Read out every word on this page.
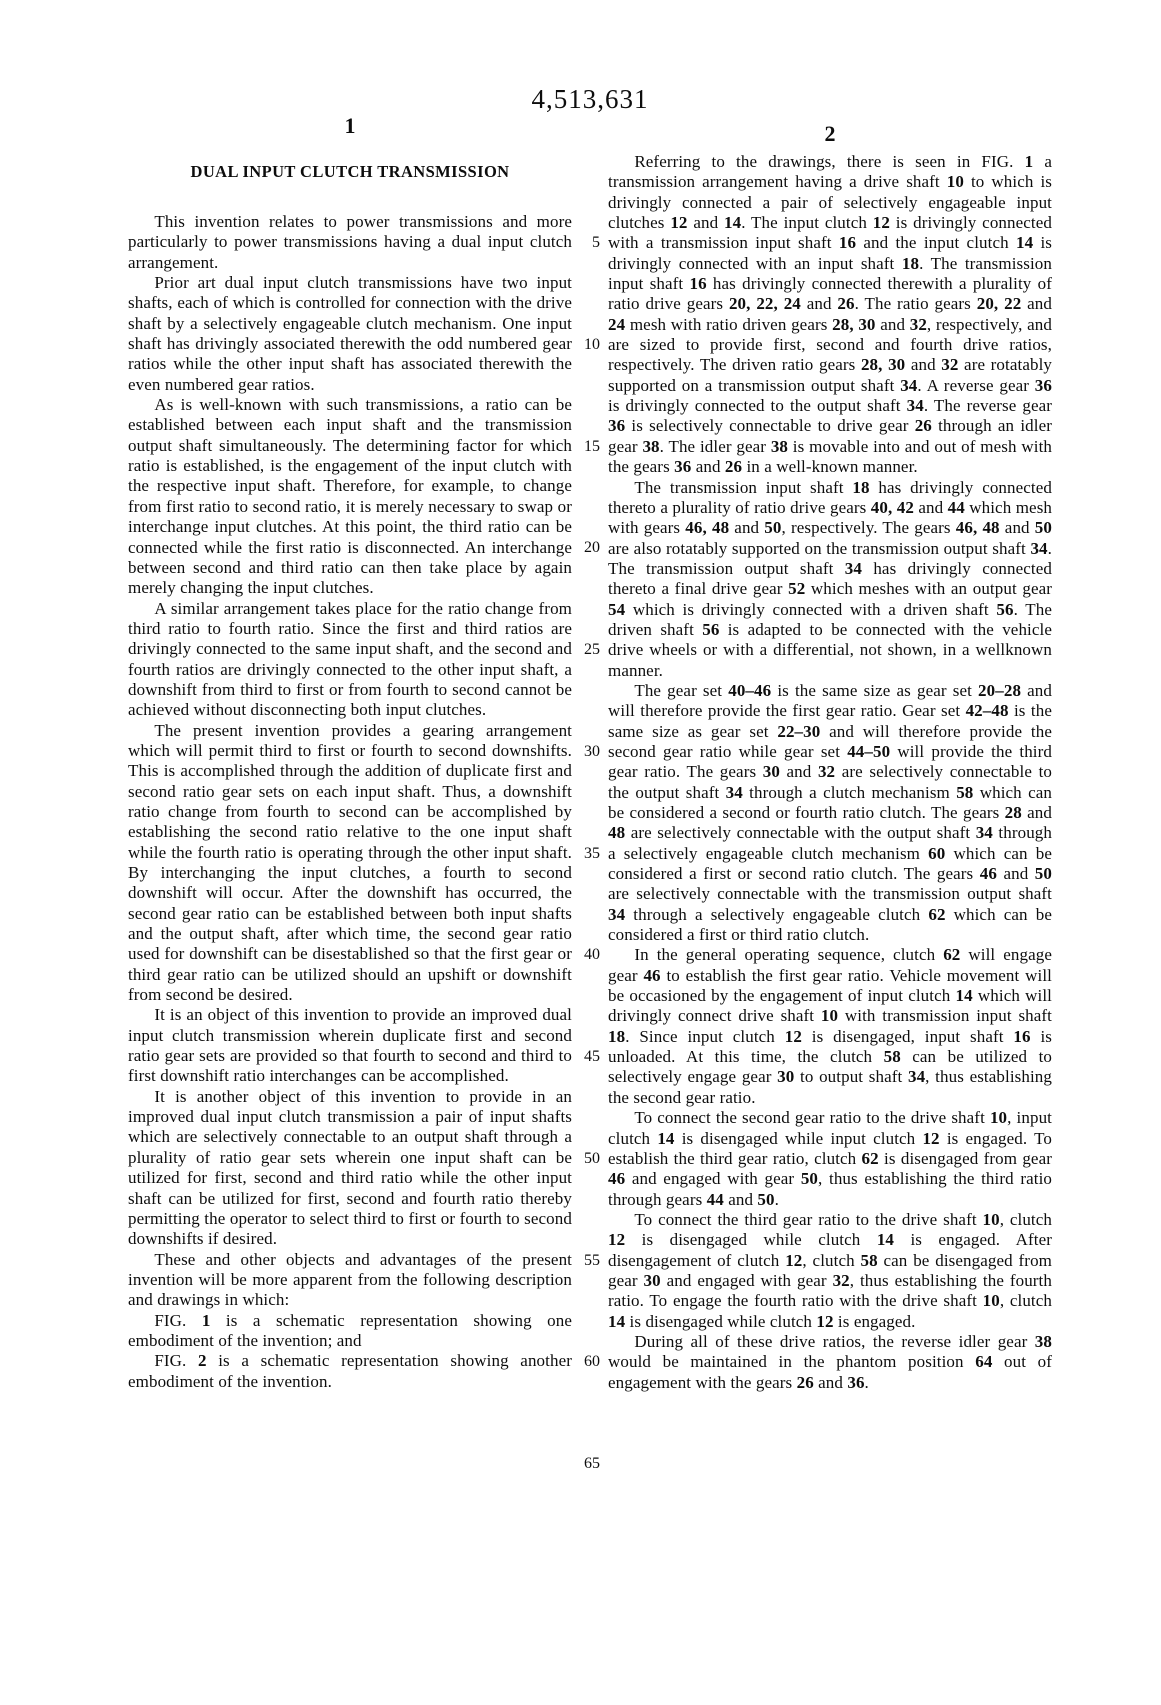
4,513,631
1	2
DUAL INPUT CLUTCH TRANSMISSION

This invention relates to power transmissions and more particularly to power transmissions having a dual input clutch arrangement.

Prior art dual input clutch transmissions have two input shafts, each of which is controlled for connection with the drive shaft by a selectively engageable clutch mechanism. One input shaft has drivingly associated therewith the odd numbered gear ratios while the other input shaft has associated therewith the even numbered gear ratios.

As is well-known with such transmissions, a ratio can be established between each input shaft and the transmission output shaft simultaneously. The determining factor for which ratio is established, is the engagement of the input clutch with the respective input shaft. Therefore, for example, to change from first ratio to second ratio, it is merely necessary to swap or interchange input clutches. At this point, the third ratio can be connected while the first ratio is disconnected. An interchange between second and third ratio can then take place by again merely changing the input clutches.

A similar arrangement takes place for the ratio change from third ratio to fourth ratio. Since the first and third ratios are drivingly connected to the same input shaft, and the second and fourth ratios are drivingly connected to the other input shaft, a downshift from third to first or from fourth to second cannot be achieved without disconnecting both input clutches.

The present invention provides a gearing arrangement which will permit third to first or fourth to second downshifts. This is accomplished through the addition of duplicate first and second ratio gear sets on each input shaft. Thus, a downshift ratio change from fourth to second can be accomplished by establishing the second ratio relative to the one input shaft while the fourth ratio is operating through the other input shaft. By interchanging the input clutches, a fourth to second downshift will occur. After the downshift has occurred, the second gear ratio can be established between both input shafts and the output shaft, after which time, the second gear ratio used for downshift can be disestablished so that the first gear or third gear ratio can be utilized should an upshift or downshift from second be desired.

It is an object of this invention to provide an improved dual input clutch transmission wherein duplicate first and second ratio gear sets are provided so that fourth to second and third to first downshift ratio interchanges can be accomplished.

It is another object of this invention to provide in an improved dual input clutch transmission a pair of input shafts which are selectively connectable to an output shaft through a plurality of ratio gear sets wherein one input shaft can be utilized for first, second and third ratio while the other input shaft can be utilized for first, second and fourth ratio thereby permitting the operator to select third to first or fourth to second downshifts if desired.

These and other objects and advantages of the present invention will be more apparent from the following description and drawings in which:

FIG. 1 is a schematic representation showing one embodiment of the invention; and

FIG. 2 is a schematic representation showing another embodiment of the invention.

Referring to the drawings, there is seen in FIG. 1 a transmission arrangement having a drive shaft 10 to which is drivingly connected a pair of selectively engageable input clutches 12 and 14. The input clutch 12 is drivingly connected with a transmission input shaft 16 and the input clutch 14 is drivingly connected with an input shaft 18. The transmission input shaft 16 has drivingly connected therewith a plurality of ratio drive gears 20, 22, 24 and 26. The ratio gears 20, 22 and 24 mesh with ratio driven gears 28, 30 and 32, respectively, and are sized to provide first, second and fourth drive ratios, respectively. The driven ratio gears 28, 30 and 32 are rotatably supported on a transmission output shaft 34. A reverse gear 36 is drivingly connected to the output shaft 34. The reverse gear 36 is selectively connectable to drive gear 26 through an idler gear 38. The idler gear 38 is movable into and out of mesh with the gears 36 and 26 in a well-known manner.

The transmission input shaft 18 has drivingly connected thereto a plurality of ratio drive gears 40, 42 and 44 which mesh with gears 46, 48 and 50, respectively. The gears 46, 48 and 50 are also rotatably supported on the transmission output shaft 34. The transmission output shaft 34 has drivingly connected thereto a final drive gear 52 which meshes with an output gear 54 which is drivingly connected with a driven shaft 56. The driven shaft 56 is adapted to be connected with the vehicle drive wheels or with a differential, not shown, in a wellknown manner.

The gear set 40–46 is the same size as gear set 20–28 and will therefore provide the first gear ratio. Gear set 42–48 is the same size as gear set 22–30 and will therefore provide the second gear ratio while gear set 44–50 will provide the third gear ratio. The gears 30 and 32 are selectively connectable to the output shaft 34 through a clutch mechanism 58 which can be considered a second or fourth ratio clutch. The gears 28 and 48 are selectively connectable with the output shaft 34 through a selectively engageable clutch mechanism 60 which can be considered a first or second ratio clutch. The gears 46 and 50 are selectively connectable with the transmission output shaft 34 through a selectively engageable clutch 62 which can be considered a first or third ratio clutch.

In the general operating sequence, clutch 62 will engage gear 46 to establish the first gear ratio. Vehicle movement will be occasioned by the engagement of input clutch 14 which will drivingly connect drive shaft 10 with transmission input shaft 18. Since input clutch 12 is disengaged, input shaft 16 is unloaded. At this time, the clutch 58 can be utilized to selectively engage gear 30 to output shaft 34, thus establishing the second gear ratio.

To connect the second gear ratio to the drive shaft 10, input clutch 14 is disengaged while input clutch 12 is engaged. To establish the third gear ratio, clutch 62 is disengaged from gear 46 and engaged with gear 50, thus establishing the third ratio through gears 44 and 50.

To connect the third gear ratio to the drive shaft 10, clutch 12 is disengaged while clutch 14 is engaged. After disengagement of clutch 12, clutch 58 can be disengaged from gear 30 and engaged with gear 32, thus establishing the fourth ratio. To engage the fourth ratio with the drive shaft 10, clutch 14 is disengaged while clutch 12 is engaged.

During all of these drive ratios, the reverse idler gear 38 would be maintained in the phantom position 64 out of engagement with the gears 26 and 36.

5
10
15
20
25
30
35
40
45
50
55
60
65
